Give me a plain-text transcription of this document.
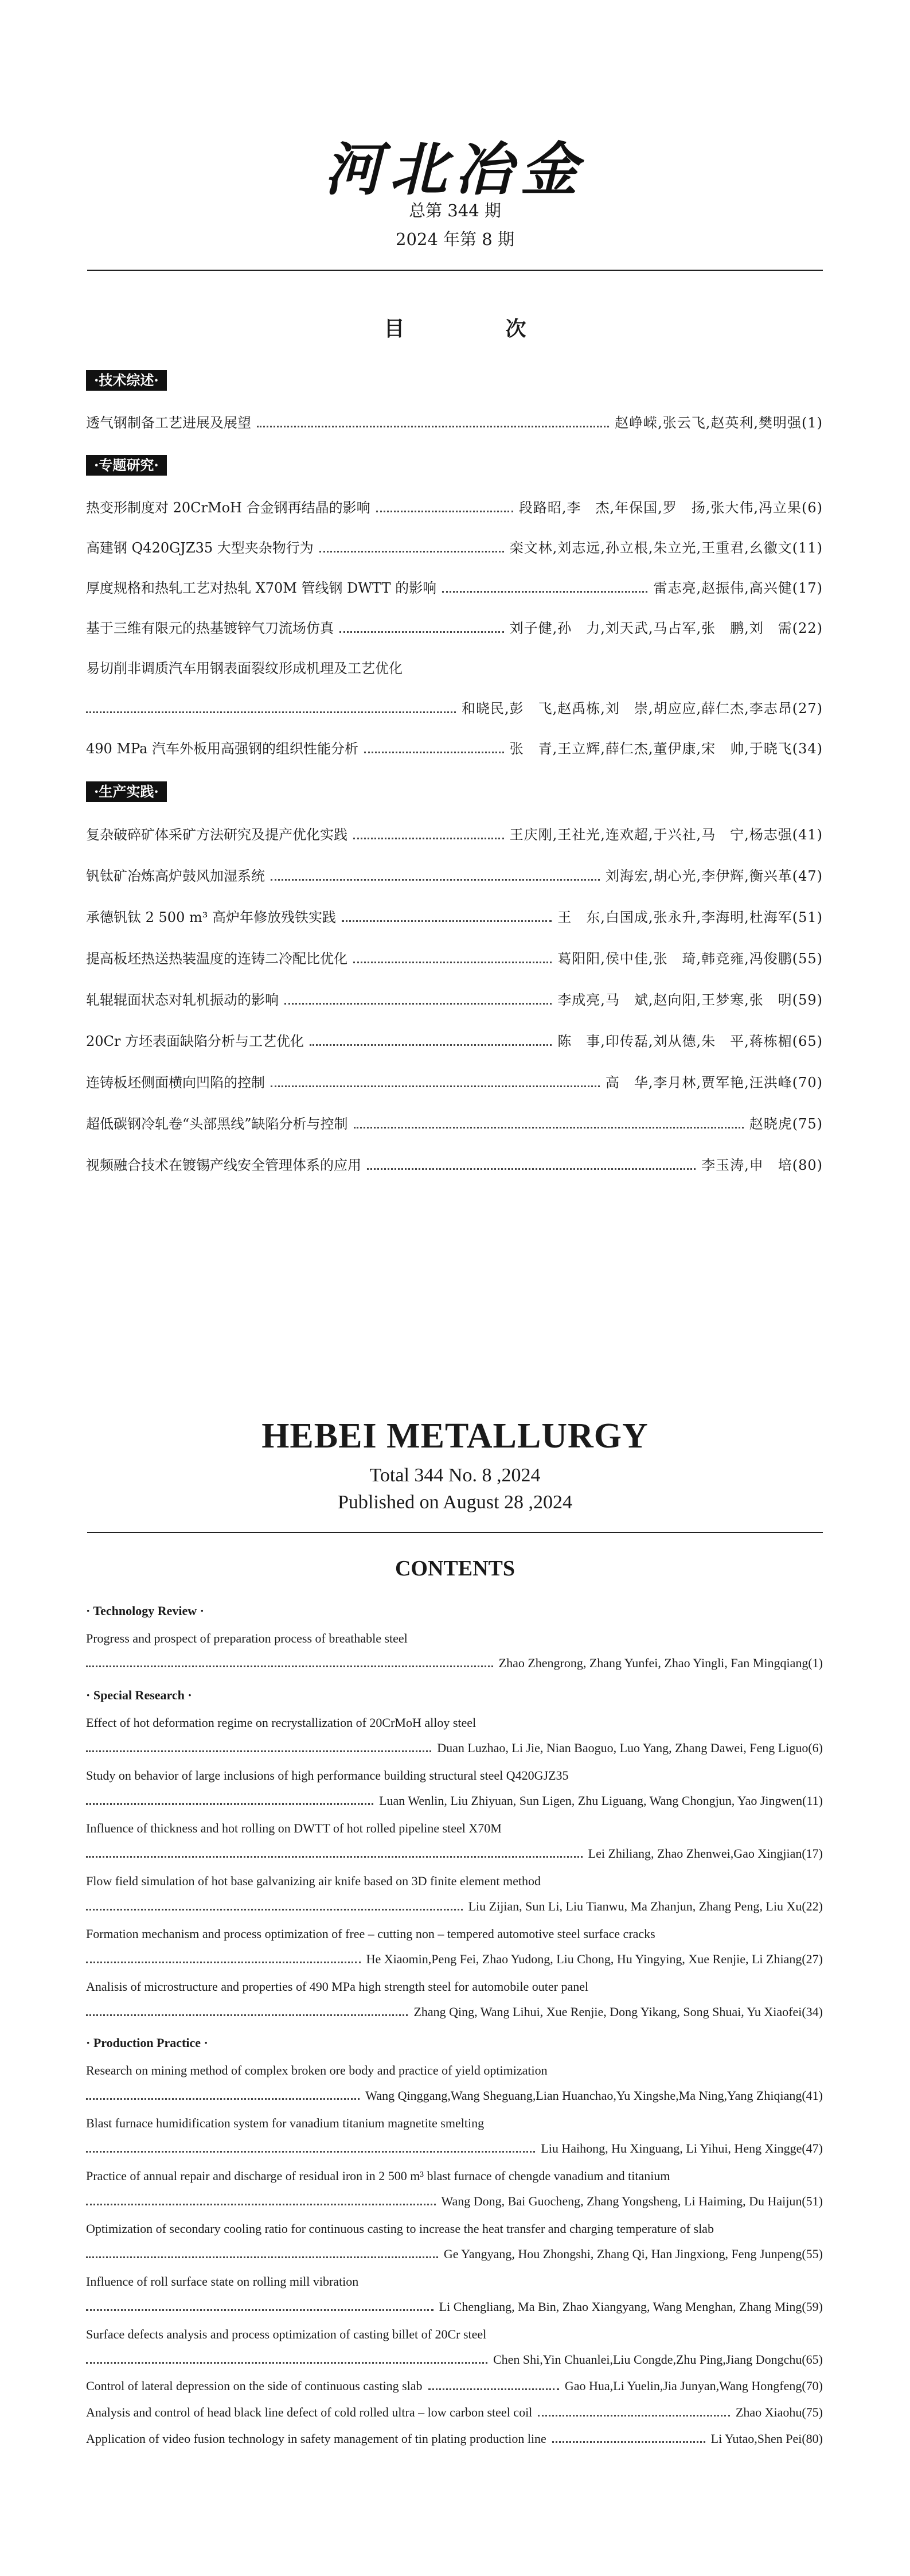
河北冶金
总第 344 期
2024 年第 8 期
目　次
·技术综述·
透气钢制备工艺进展及展望	赵峥嵘,张云飞,赵英利,樊明强(1)
·专题研究·
热变形制度对 20CrMoH 合金钢再结晶的影响	段路昭,李　杰,年保国,罗　扬,张大伟,冯立果(6)
高建钢 Q420GJZ35 大型夹杂物行为	栾文林,刘志远,孙立根,朱立光,王重君,幺徽文(11)
厚度规格和热轧工艺对热轧 X70M 管线钢 DWTT 的影响	雷志亮,赵振伟,高兴健(17)
基于三维有限元的热基镀锌气刀流场仿真	刘子健,孙　力,刘天武,马占军,张　鹏,刘　需(22)
易切削非调质汽车用钢表面裂纹形成机理及工艺优化
和晓民,彭　飞,赵禹栋,刘　崇,胡应应,薛仁杰,李志昂(27)
490 MPa 汽车外板用高强钢的组织性能分析	张　青,王立辉,薛仁杰,董伊康,宋　帅,于晓飞(34)
·生产实践·
复杂破碎矿体采矿方法研究及提产优化实践	王庆刚,王社光,连欢超,于兴社,马　宁,杨志强(41)
钒钛矿冶炼高炉鼓风加湿系统	刘海宏,胡心光,李伊辉,衡兴革(47)
承德钒钛 2 500 m³ 高炉年修放残铁实践	王　东,白国成,张永升,李海明,杜海军(51)
提高板坯热送热装温度的连铸二冷配比优化	葛阳阳,侯中佳,张　琦,韩竞雍,冯俊鹏(55)
轧辊辊面状态对轧机振动的影响	李成亮,马　斌,赵向阳,王梦寒,张　明(59)
20Cr 方坯表面缺陷分析与工艺优化	陈　事,印传磊,刘从德,朱　平,蒋栋楣(65)
连铸板坯侧面横向凹陷的控制	高　华,李月林,贾军艳,汪洪峰(70)
超低碳钢冷轧卷“头部黑线”缺陷分析与控制	赵晓虎(75)
视频融合技术在镀锡产线安全管理体系的应用	李玉涛,申　培(80)
HEBEI METALLURGY
Total 344 No. 8 ,2024
Published on August 28 ,2024
CONTENTS
· Technology Review ·
Progress and prospect of preparation process of breathable steel
Zhao Zhengrong, Zhang Yunfei, Zhao Yingli, Fan Mingqiang(1)
· Special Research ·
Effect of hot deformation regime on recrystallization of 20CrMoH alloy steel
Duan Luzhao, Li Jie, Nian Baoguo, Luo Yang, Zhang Dawei, Feng Liguo(6)
Study on behavior of large inclusions of high performance building structural steel Q420GJZ35
Luan Wenlin, Liu Zhiyuan, Sun Ligen, Zhu Liguang, Wang Chongjun, Yao Jingwen(11)
Influence of thickness and hot rolling on DWTT of hot rolled pipeline steel X70M
Lei Zhiliang, Zhao Zhenwei,Gao Xingjian(17)
Flow field simulation of hot base galvanizing air knife based on 3D finite element method
Liu Zijian, Sun Li, Liu Tianwu, Ma Zhanjun, Zhang Peng, Liu Xu(22)
Formation mechanism and process optimization of free – cutting non – tempered automotive steel surface cracks
He Xiaomin,Peng Fei, Zhao Yudong, Liu Chong, Hu Yingying, Xue Renjie, Li Zhiang(27)
Analisis of microstructure and properties of 490 MPa high strength steel for automobile outer panel
Zhang Qing, Wang Lihui, Xue Renjie, Dong Yikang, Song Shuai, Yu Xiaofei(34)
· Production Practice ·
Research on mining method of complex broken ore body and practice of yield optimization
Wang Qinggang,Wang Sheguang,Lian Huanchao,Yu Xingshe,Ma Ning,Yang Zhiqiang(41)
Blast furnace humidification system for vanadium titanium magnetite smelting
Liu Haihong, Hu Xinguang, Li Yihui, Heng Xingge(47)
Practice of annual repair and discharge of residual iron in 2 500 m³ blast furnace of chengde vanadium and titanium
Wang Dong, Bai Guocheng, Zhang Yongsheng, Li Haiming, Du Haijun(51)
Optimization of secondary cooling ratio for continuous casting to increase the heat transfer and charging temperature of slab
Ge Yangyang, Hou Zhongshi, Zhang Qi, Han Jingxiong, Feng Junpeng(55)
Influence of roll surface state on rolling mill vibration
Li Chengliang, Ma Bin, Zhao Xiangyang, Wang Menghan, Zhang Ming(59)
Surface defects analysis and process optimization of casting billet of 20Cr steel
Chen Shi,Yin Chuanlei,Liu Congde,Zhu Ping,Jiang Dongchu(65)
Control of lateral depression on the side of continuous casting slab	Gao Hua,Li Yuelin,Jia Junyan,Wang Hongfeng(70)
Analysis and control of head black line defect of cold rolled ultra – low carbon steel coil	Zhao Xiaohu(75)
Application of video fusion technology in safety management of tin plating production line	Li Yutao,Shen Pei(80)
